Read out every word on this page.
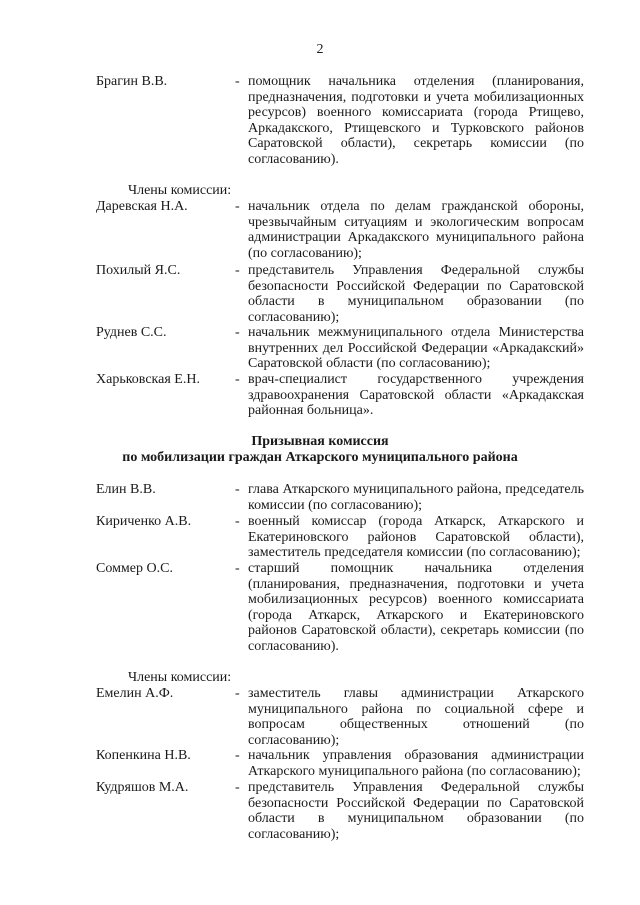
2
Брагин В.В.	- помощник начальника отделения (планирования, предназначения, подготовки и учета мобилизационных ресурсов) военного комиссариата (города Ртищево, Аркадакского, Ртищевского и Турковского районов Саратовской области), секретарь комиссии (по согласованию).
Члены комиссии:
Даревская Н.А.	- начальник отдела по делам гражданской обороны, чрезвычайным ситуациям и экологическим вопросам администрации Аркадакского муниципального района (по согласованию);
Похилый Я.С.	- представитель Управления Федеральной службы безопасности Российской Федерации по Саратовской области в муниципальном образовании (по согласованию);
Руднев С.С.	- начальник межмуниципального отдела Министерства внутренних дел Российской Федерации «Аркадакский» Саратовской области (по согласованию);
Харьковская Е.Н.	- врач-специалист государственного учреждения здравоохранения Саратовской области «Аркадакская районная больница».
Призывная комиссия
по мобилизации граждан Аткарского муниципального района
Елин В.В.	- глава Аткарского муниципального района, председатель комиссии (по согласованию);
Кириченко А.В.	- военный комиссар (города Аткарск, Аткарского и Екатериновского районов Саратовской области), заместитель председателя комиссии (по согласованию);
Соммер О.С.	- старший помощник начальника отделения (планирования, предназначения, подготовки и учета мобилизационных ресурсов) военного комиссариата (города Аткарск, Аткарского и Екатериновского районов Саратовской области), секретарь комиссии (по согласованию).
Члены комиссии:
Емелин А.Ф.	- заместитель главы администрации Аткарского муниципального района по социальной сфере и вопросам общественных отношений (по согласованию);
Копенкина Н.В.	- начальник управления образования администрации Аткарского муниципального района (по согласованию);
Кудряшов М.А.	- представитель Управления Федеральной службы безопасности Российской Федерации по Саратовской области в муниципальном образовании (по согласованию);
